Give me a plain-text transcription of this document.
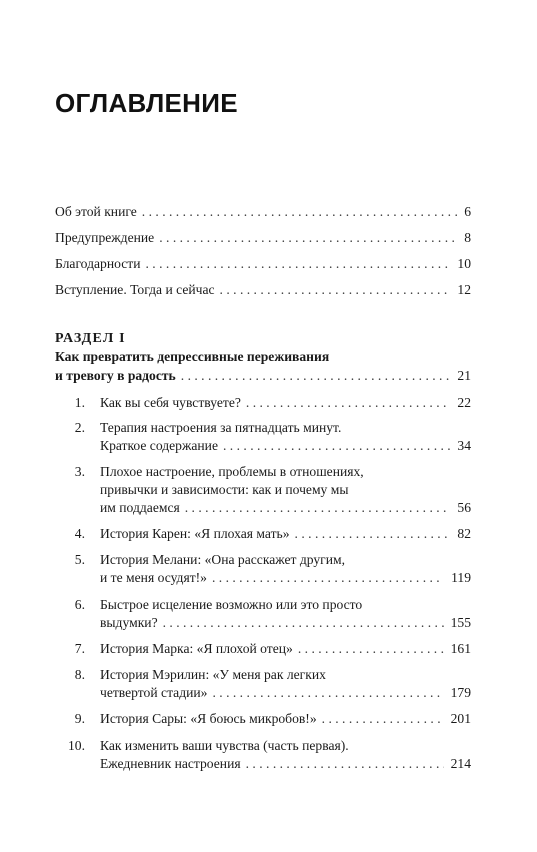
ОГЛАВЛЕНИЕ
Об этой книге . . .	6
Предупреждение . . .	8
Благодарности . . .	10
Вступление. Тогда и сейчас . . .	12
РАЗДЕЛ I
Как превратить депрессивные переживания
и тревогу в радость . . .	21
1. Как вы себя чувствуете? . . .	22
2. Терапия настроения за пятнадцать минут.
Краткое содержание . . .	34
3. Плохое настроение, проблемы в отношениях,
привычки и зависимости: как и почему мы
им поддаемся . . .	56
4. История Карен: «Я плохая мать» . . .	82
5. История Мелани: «Она расскажет другим,
и те меня осудят!» . . .	119
6. Быстрое исцеление возможно или это просто
выдумки? . . .	155
7. История Марка: «Я плохой отец» . . .	161
8. История Мэрилин: «У меня рак легких
четвертой стадии» . . .	179
9. История Сары: «Я боюсь микробов!» . . .	201
10. Как изменить ваши чувства (часть первая).
Ежедневник настроения . . .	214
